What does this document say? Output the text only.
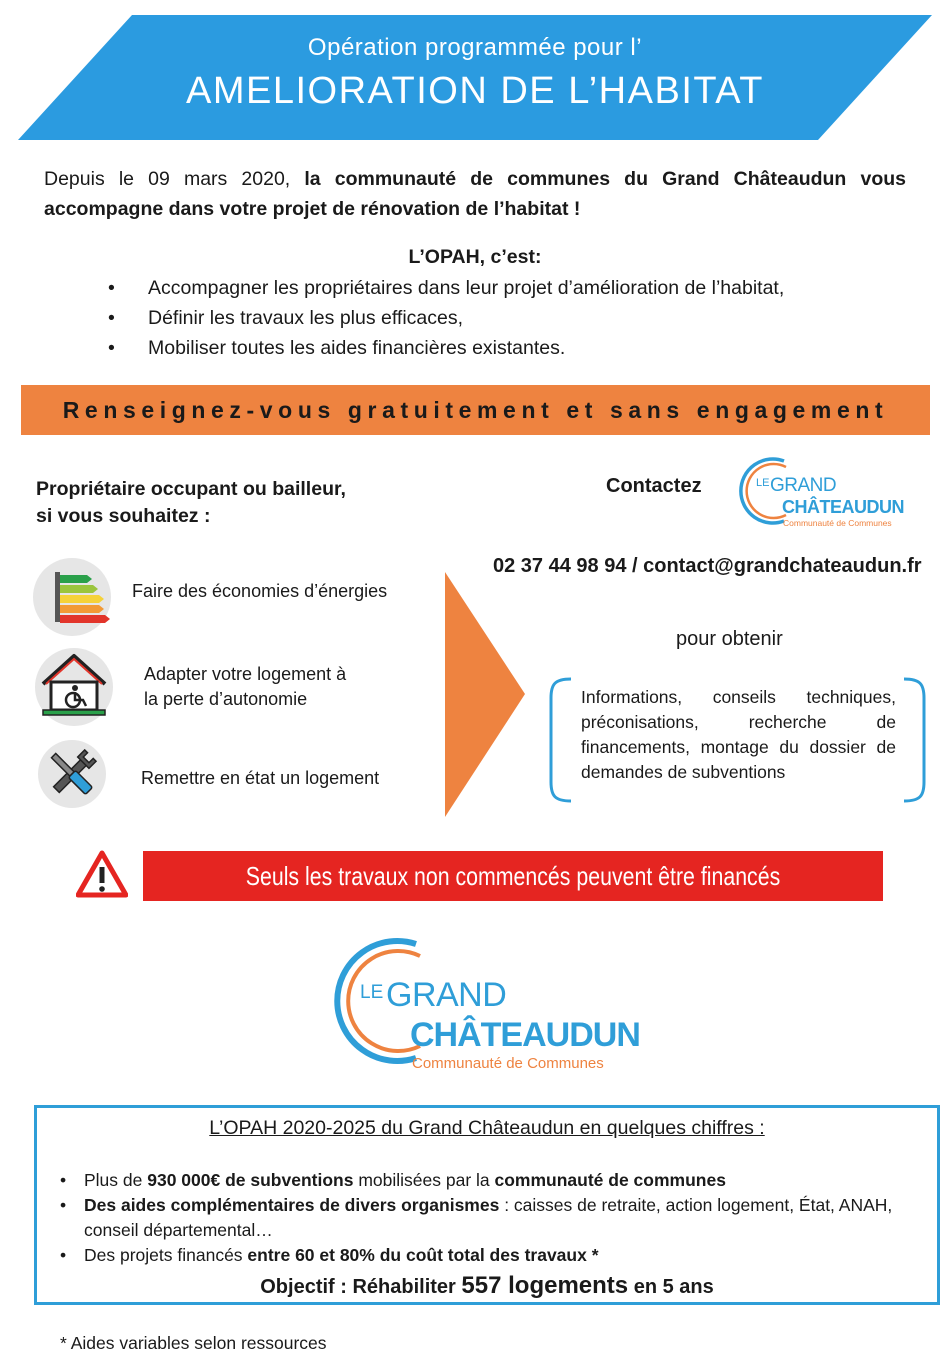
Opération programmée pour l’
AMELIORATION DE L’HABITAT
Depuis le 09 mars 2020, la communauté de communes du Grand Châteaudun vous accompagne dans votre projet de rénovation de l’habitat !
L’OPAH, c’est:
• Accompagner les propriétaires dans leur projet d’amélioration de l’habitat,
• Définir les travaux les plus efficaces,
• Mobiliser toutes les aides financières existantes.
Renseignez-vous gratuitement et sans engagement
Propriétaire occupant ou bailleur,
si vous souhaitez :
Faire des économies d’énergies
Adapter votre logement à
la perte d’autonomie
Remettre en état un logement
Contactez	LE GRAND
CHÂTEAUDUN
Communauté de Communes
02 37 44 98 94 / contact@grandchateaudun.fr
pour obtenir
Informations, conseils techniques, préconisations, recherche de financements, montage du dossier de demandes de subventions
Seuls les travaux non commencés peuvent être financés
LE GRAND
CHÂTEAUDUN
Communauté de Communes
L’OPAH 2020-2025 du Grand Châteaudun en quelques chiffres :
• Plus de 930 000€ de subventions mobilisées par la communauté de communes
• Des aides complémentaires de divers organismes : caisses de retraite, action logement, État, ANAH, conseil départemental…
• Des projets financés entre 60 et 80% du coût total des travaux *
Objectif : Réhabiliter 557 logements en 5 ans
* Aides variables selon ressources
